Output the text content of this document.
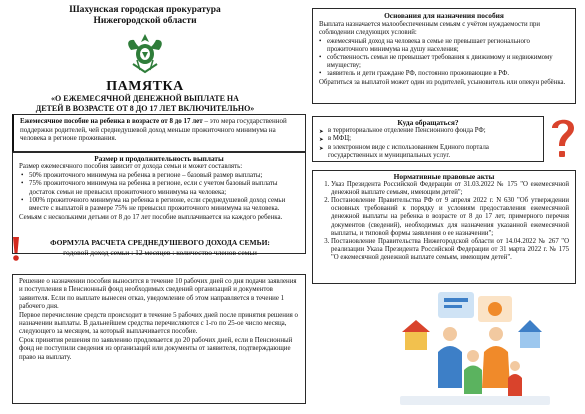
Шахунская городская прокуратура
Нижегородской области
ПАМЯТКА
«О ЕЖЕМЕСЯЧНОЙ ДЕНЕЖНОЙ ВЫПЛАТЕ НА
ДЕТЕЙ В ВОЗРАСТЕ ОТ 8 ДО 17 ЛЕТ ВКЛЮЧИТЕЛЬНО»
Ежемесячное пособие на ребенка в возрасте от 8 до 17 лет – это мера государственной поддержки родителей, чей среднедушевой доход меньше прожиточного минимума на человека в регионе проживания.
Размер и продолжительность выплаты
Размер ежемесячного пособия зависит от дохода семьи и может составлять:
• 50% прожиточного минимума на ребенка в регионе – базовый размер выплаты;
• 75% прожиточного минимума на ребенка в регионе, если с учетом базовый выплаты достаток семьи не превысил прожиточного минимума на человека;
• 100% прожиточного минимума на ребенка в регионе, если среднедушевой доход семьи вместе с выплатой в размере 75% не превысил прожиточного минимума на человека.
Семьям с несколькими детьми от 8 до 17 лет пособие выплачивается на каждого ребенка.
ФОРМУЛА РАСЧЕТА СРЕДНЕДУШЕВОГО ДОХОДА СЕМЬИ:
годовой доход семьи : 12 месяцев : количество членов семьи

Решение о назначении пособия выносится в течение 10 рабочих дней со дня подачи заявления и поступления в Пенсионный фонд необходимых сведений организаций и документов заявителя. Если по выплате вынесен отказ, уведомление об этом направляется в течение 1 рабочего дня.

Первое перечисление средств происходит в течение 5 рабочих дней после принятия решения о назначении выплаты. В дальнейшем средства перечисляются с 1-го по 25-ое число месяца, следующего за месяцем, за который выплачивается пособие.

Срок принятия решения по заявлению продлевается до 20 рабочих дней, если в Пенсионный фонд не поступили сведения из организаций или документы от заявителя, подтверждающие право на выплату.

Основания для назначения пособия
Выплата назначается малообеспеченным семьям с учётом нуждаемости при соблюдении следующих условий:
• ежемесячный доход на человека в семье не превышает регионального прожиточного минимума на душу населения;
• собственность семьи не превышает требования к движимому и недвижимому имуществу;
• заявитель и дети граждане РФ, постоянно проживающие в РФ.
Обратиться за выплатой может один из родителей, усыновитель или опекун ребёнка.
Куда обращаться?
➤ в территориальное отделение Пенсионного фонда РФ;
➤ в МФЦ;
➤ в электронном виде с использованием Единого портала государственных и муниципальных услуг.
Нормативные правовые акты
1. Указ Президента Российской Федерации от 31.03.2022 № 175 "О ежемесячной денежной выплате семьям, имеющим детей";
2. Постановление Правительства РФ от 9 апреля 2022 г. N 630 "Об утверждении основных требований к порядку и условиям предоставления ежемесячной денежной выплаты на ребенка в возрасте от 8 до 17 лет, примерного перечня документов (сведений), необходимых для назначения указанной ежемесячной выплаты, и типовой формы заявления о ее назначении";
3. Постановление Правительства Нижегородской области от 14.04.2022 № 267 "О реализации Указа Президента Российской Федерации от 31 марта 2022 г. № 175 "О ежемесячной денежной выплате семьям, имеющим детей".
